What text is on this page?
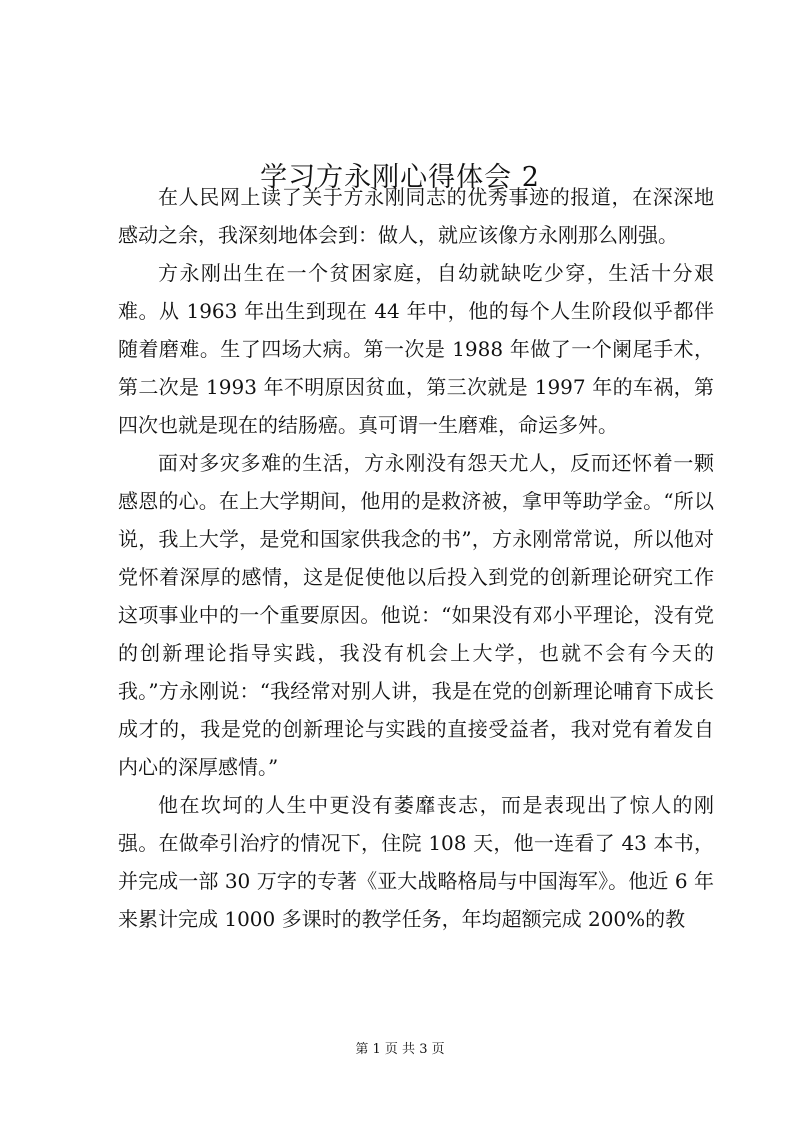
学习方永刚心得体会 2

在人民网上读了关于方永刚同志的优秀事迹的报道，在深深地感动之余，我深刻地体会到：做人，就应该像方永刚那么刚强。

方永刚出生在一个贫困家庭，自幼就缺吃少穿，生活十分艰难。从 1963 年出生到现在 44 年中，他的每个人生阶段似乎都伴随着磨难。生了四场大病。第一次是 1988 年做了一个阑尾手术，第二次是 1993 年不明原因贫血，第三次就是 1997 年的车祸，第四次也就是现在的结肠癌。真可谓一生磨难，命运多舛。

面对多灾多难的生活，方永刚没有怨天尤人，反而还怀着一颗感恩的心。在上大学期间，他用的是救济被，拿甲等助学金。“所以说，我上大学，是党和国家供我念的书”，方永刚常常说，所以他对党怀着深厚的感情，这是促使他以后投入到党的创新理论研究工作这项事业中的一个重要原因。他说：“如果没有邓小平理论，没有党的创新理论指导实践，我没有机会上大学，也就不会有今天的我。”方永刚说：“我经常对别人讲，我是在党的创新理论哺育下成长成才的，我是党的创新理论与实践的直接受益者，我对党有着发自内心的深厚感情。”

他在坎坷的人生中更没有萎靡丧志，而是表现出了惊人的刚强。在做牵引治疗的情况下，住院 108 天，他一连看了 43 本书，并完成一部 30 万字的专著《亚大战略格局与中国海军》。他近 6 年来累计完成 1000 多课时的教学任务，年均超额完成 200%的教

第 1 页 共 3 页
